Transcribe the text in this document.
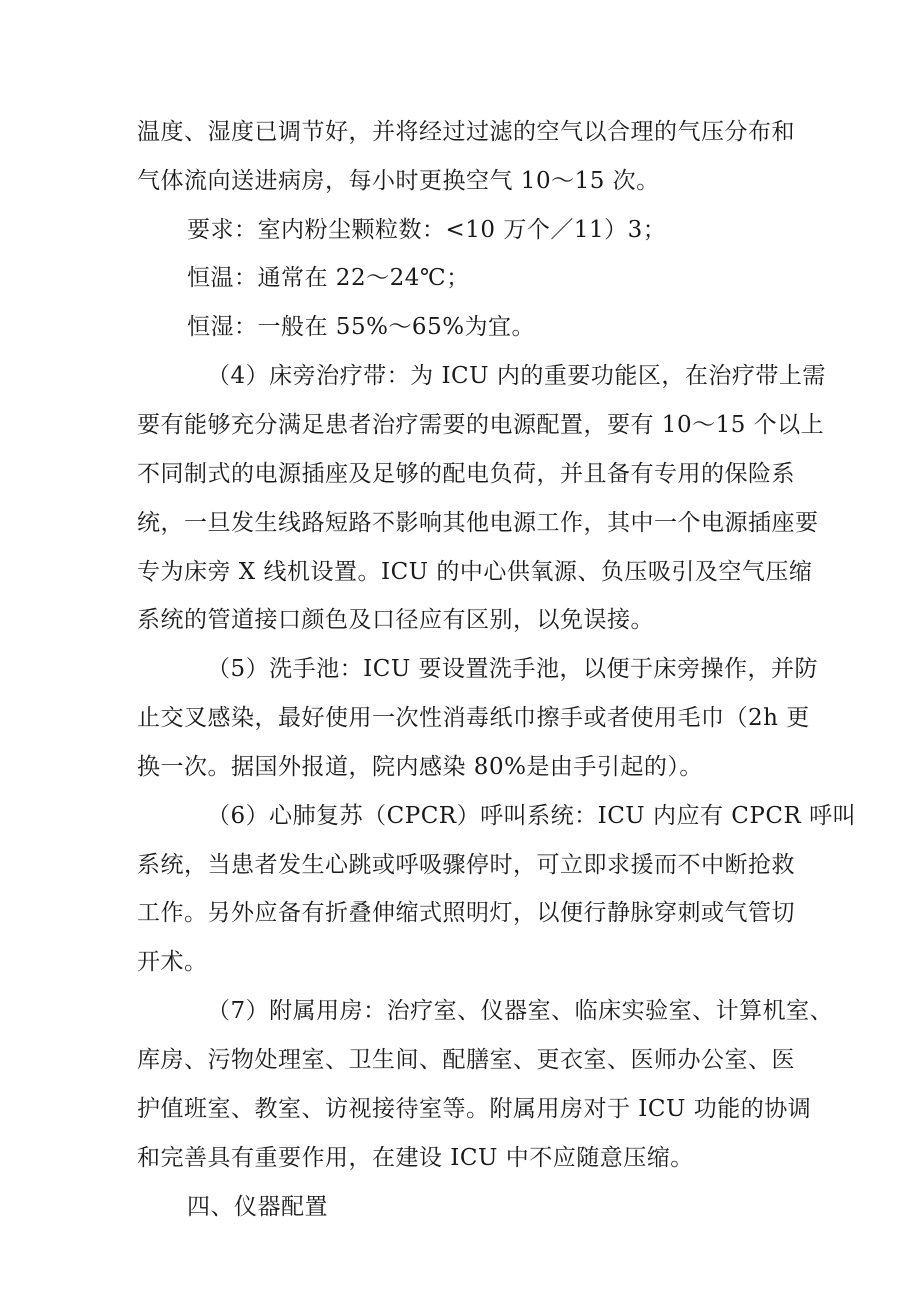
温度、湿度已调节好，并将经过过滤的空气以合理的气压分布和
气体流向送进病房，每小时更换空气 10～15 次。
要求：室内粉尘颗粒数：<10 万个／11）3；
恒温：通常在 22～24℃；
恒湿：一般在 55%～65%为宜。
（4）床旁治疗带：为 ICU 内的重要功能区，在治疗带上需
要有能够充分满足患者治疗需要的电源配置，要有 10～15 个以上
不同制式的电源插座及足够的配电负荷，并且备有专用的保险系
统，一旦发生线路短路不影响其他电源工作，其中一个电源插座要
专为床旁 X 线机设置。ICU 的中心供氧源、负压吸引及空气压缩
系统的管道接口颜色及口径应有区别，以免误接。
（5）洗手池：ICU 要设置洗手池，以便于床旁操作，并防
止交叉感染，最好使用一次性消毒纸巾擦手或者使用毛巾（2h 更
换一次。据国外报道，院内感染 80%是由手引起的）。
（6）心肺复苏（CPCR）呼叫系统：ICU 内应有 CPCR 呼叫
系统，当患者发生心跳或呼吸骤停时，可立即求援而不中断抢救
工作。另外应备有折叠伸缩式照明灯，以便行静脉穿刺或气管切
开术。
（7）附属用房：治疗室、仪器室、临床实验室、计算机室、
库房、污物处理室、卫生间、配膳室、更衣室、医师办公室、医
护值班室、教室、访视接待室等。附属用房对于 ICU 功能的协调
和完善具有重要作用，在建设 ICU 中不应随意压缩。
四、仪器配置
